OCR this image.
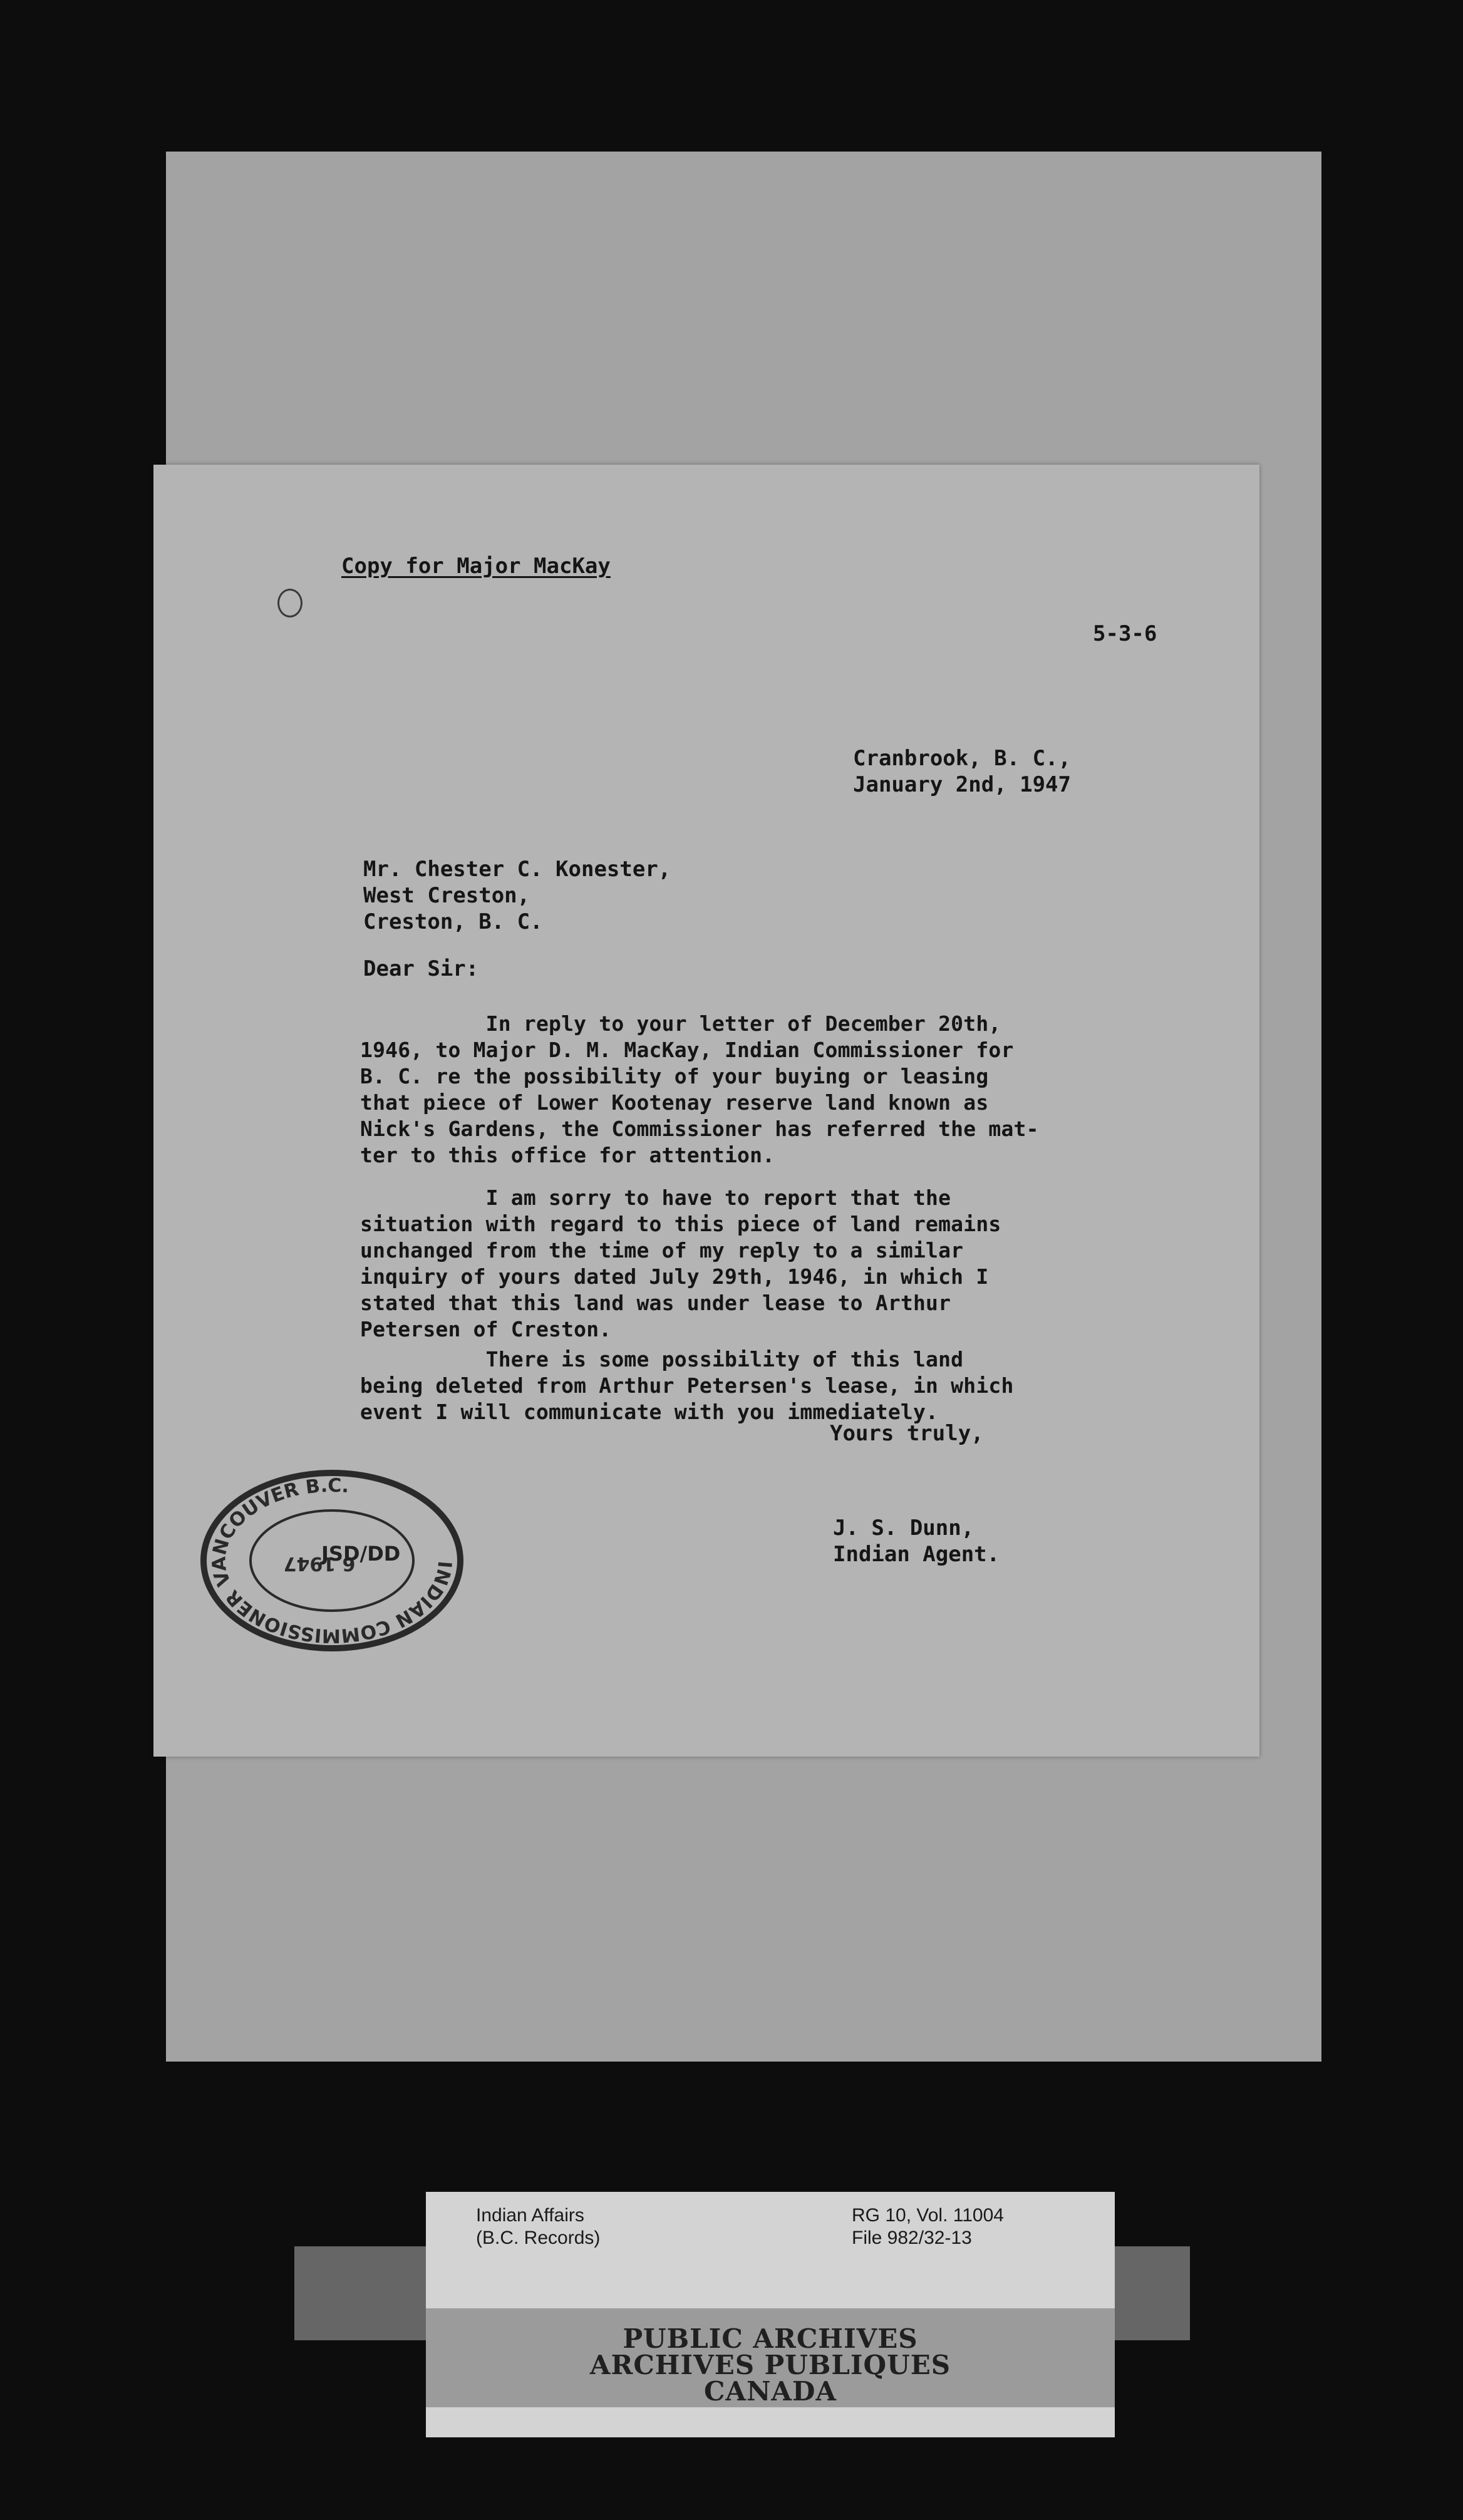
Copy for Major MacKay

5-3-6

Cranbrook, B. C.,
January 2nd, 1947
Mr. Chester C. Konester,
West Creston,
Creston, B. C.

Dear Sir:

In reply to your letter of December 20th,
1946, to Major D. M. MacKay, Indian Commissioner for
B. C. re the possibility of your buying or leasing
that piece of Lower Kootenay reserve land known as
Nick's Gardens, the Commissioner has referred the mat-
ter to this office for attention.

I am sorry to have to report that the
situation with regard to this piece of land remains
unchanged from the time of my reply to a similar
inquiry of yours dated July 29th, 1946, in which I
stated that this land was under lease to Arthur
Petersen of Creston.

There is some possibility of this land
being deleted from Arthur Petersen's lease, in which
event I will communicate with you immediately.

Yours truly,

J. S. Dunn,
Indian Agent.
INDIAN COMMISSIONER VANCOUVER B.C.
6 1947

JSD/DD

Indian Affairs
(B.C. Records)
RG 10, Vol. 11004
File 982/32-13
PUBLIC ARCHIVES
ARCHIVES PUBLIQUES
CANADA
